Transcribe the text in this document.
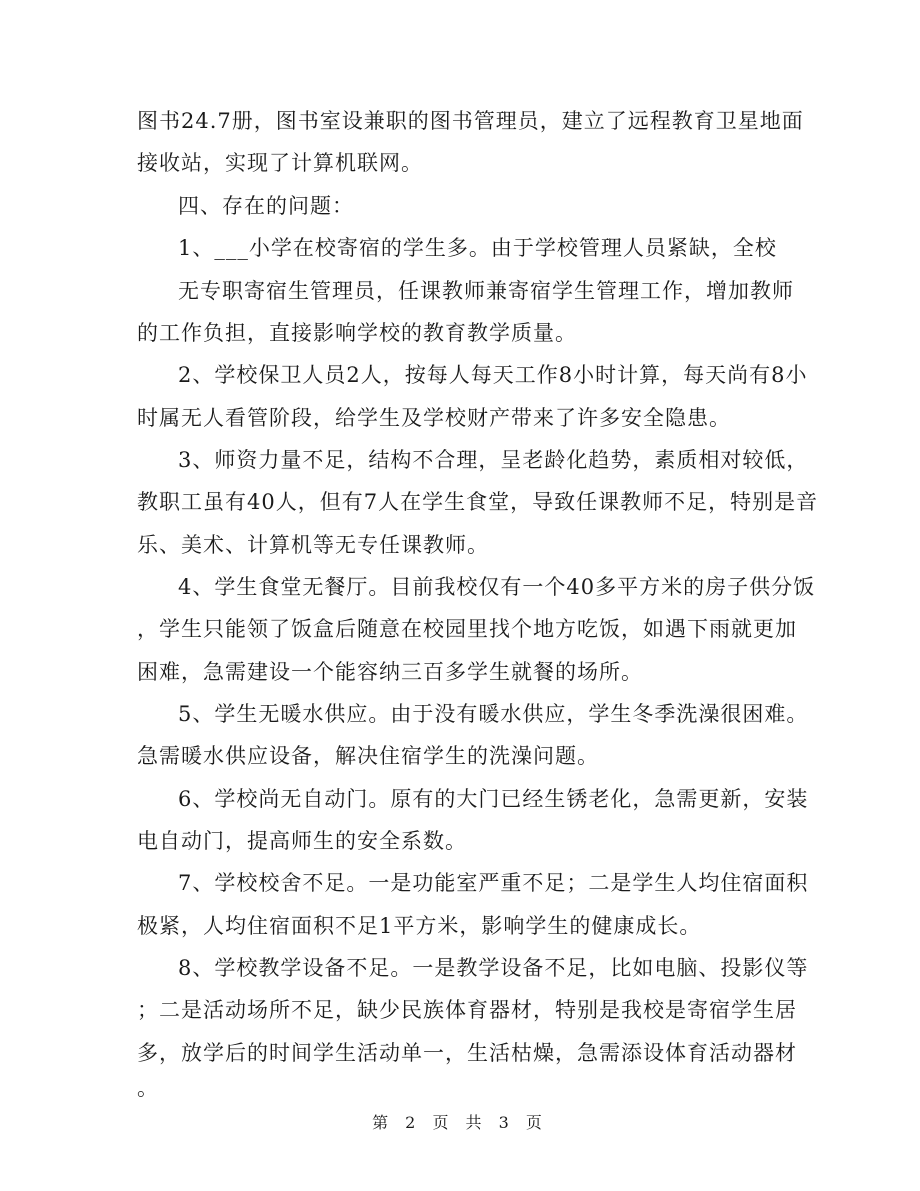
图书24.7册，图书室设兼职的图书管理员，建立了远程教育卫星地面
接收站，实现了计算机联网。
四、存在的问题：
1、___小学在校寄宿的学生多。由于学校管理人员紧缺，全校
无专职寄宿生管理员，任课教师兼寄宿学生管理工作，增加教师
的工作负担，直接影响学校的教育教学质量。
2、学校保卫人员2人，按每人每天工作8小时计算，每天尚有8小
时属无人看管阶段，给学生及学校财产带来了许多安全隐患。
3、师资力量不足，结构不合理，呈老龄化趋势，素质相对较低，
教职工虽有40人，但有7人在学生食堂，导致任课教师不足，特别是音
乐、美术、计算机等无专任课教师。
4、学生食堂无餐厅。目前我校仅有一个40多平方米的房子供分饭
，学生只能领了饭盒后随意在校园里找个地方吃饭，如遇下雨就更加
困难，急需建设一个能容纳三百多学生就餐的场所。
5、学生无暖水供应。由于没有暖水供应，学生冬季洗澡很困难。
急需暖水供应设备，解决住宿学生的洗澡问题。
6、学校尚无自动门。原有的大门已经生锈老化，急需更新，安装
电自动门，提高师生的安全系数。
7、学校校舍不足。一是功能室严重不足；二是学生人均住宿面积
极紧，人均住宿面积不足1平方米，影响学生的健康成长。
8、学校教学设备不足。一是教学设备不足，比如电脑、投影仪等
；二是活动场所不足，缺少民族体育器材，特别是我校是寄宿学生居
多，放学后的时间学生活动单一，生活枯燥，急需添设体育活动器材
。
第 2 页 共 3 页
